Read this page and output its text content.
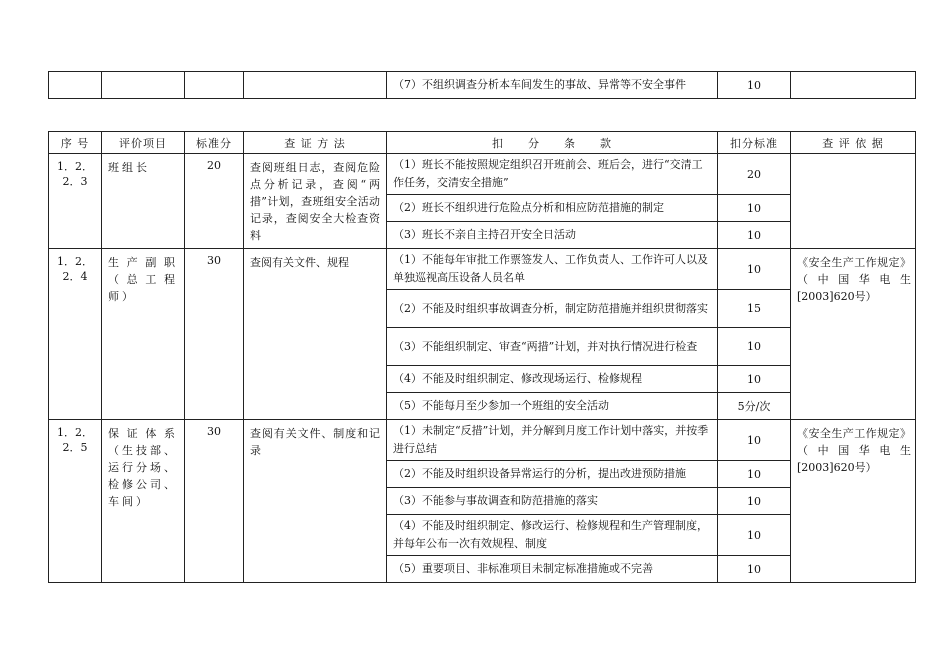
				（7）不组织调查分析本车间发生的事故、异常等不安全事件	10	
序 号	评价项目	标准分	查 证 方 法	扣　　分　　条　　款	扣分标准	查 评 依 据
1．2．2．3	班组长	20	查阅班组日志，查阅危险点分析记录，查阅“两措”计划，查班组安全活动记录，查阅安全大检查资料	（1）班长不能按照规定组织召开班前会、班后会，进行“交清工作任务，交清安全措施”	20	
				（2）班长不组织进行危险点分析和相应防范措施的制定	10	
				（3）班长不亲自主持召开安全日活动	10	
1．2．2．4	生产副职（总工程师）	30	查阅有关文件、规程	（1）不能每年审批工作票签发人、工作负责人、工作许可人以及单独巡视高压设备人员名单	10	《安全生产工作规定》（中国华电生[2003]620号）
				（2）不能及时组织事故调查分析，制定防范措施并组织贯彻落实	15	
				（3）不能组织制定、审查“两措”计划，并对执行情况进行检查	10	
				（4）不能及时组织制定、修改现场运行、检修规程	10	
				（5）不能每月至少参加一个班组的安全活动	5分/次	
1．2．2．5	保证体系（生技部、运行分场、检修公司、车间）	30	查阅有关文件、制度和记录	（1）未制定“反措”计划，并分解到月度工作计划中落实，并按季进行总结	10	《安全生产工作规定》（中国华电生[2003]620号）
				（2）不能及时组织设备异常运行的分析，提出改进预防措施	10	
				（3）不能参与事故调查和防范措施的落实	10	
				（4）不能及时组织制定、修改运行、检修规程和生产管理制度，并每年公布一次有效规程、制度	10	
				（5）重要项目、非标准项目未制定标准措施或不完善	10	
